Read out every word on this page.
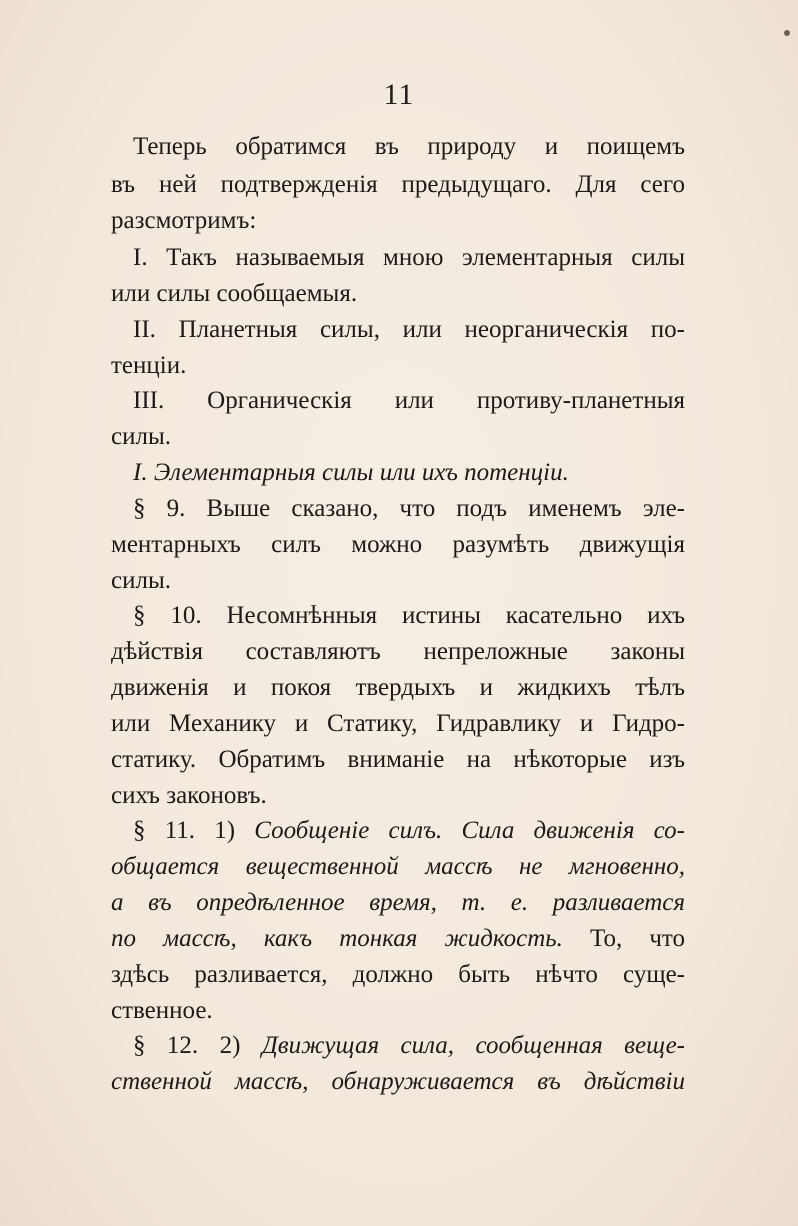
11
Теперь обратимся въ природу и поищемъ
въ ней подтвержденія предыдущаго. Для сего
разсмотримъ:
I. Такъ называемыя мною элементарныя силы
или силы сообщаемыя.
II. Планетныя силы, или неорганическія по-
тенціи.
III. Органическія или противу-планетныя
силы.
I. Элементарныя силы или ихъ потенціи.
§ 9. Выше сказано, что подъ именемъ эле-
ментарныхъ силъ можно разумѣть движущія
силы.
§ 10. Несомнѣнныя истины касательно ихъ
дѣйствія составляютъ непреложные законы
движенія и покоя твердыхъ и жидкихъ тѣлъ
или Механику и Статику, Гидравлику и Гидро-
статику. Обратимъ вниманіе на нѣкоторые изъ
сихъ законовъ.
§ 11. 1) Сообщеніе силъ. Сила движенія со-
общается вещественной массѣ не мгновенно,
а въ опредѣленное время, т. е. разливается
по массѣ, какъ тонкая жидкость. То, что
здѣсь разливается, должно быть нѣчто суще-
ственное.
§ 12. 2) Движущая сила, сообщенная веще-
ственной массѣ, обнаруживается въ дѣйствіи
